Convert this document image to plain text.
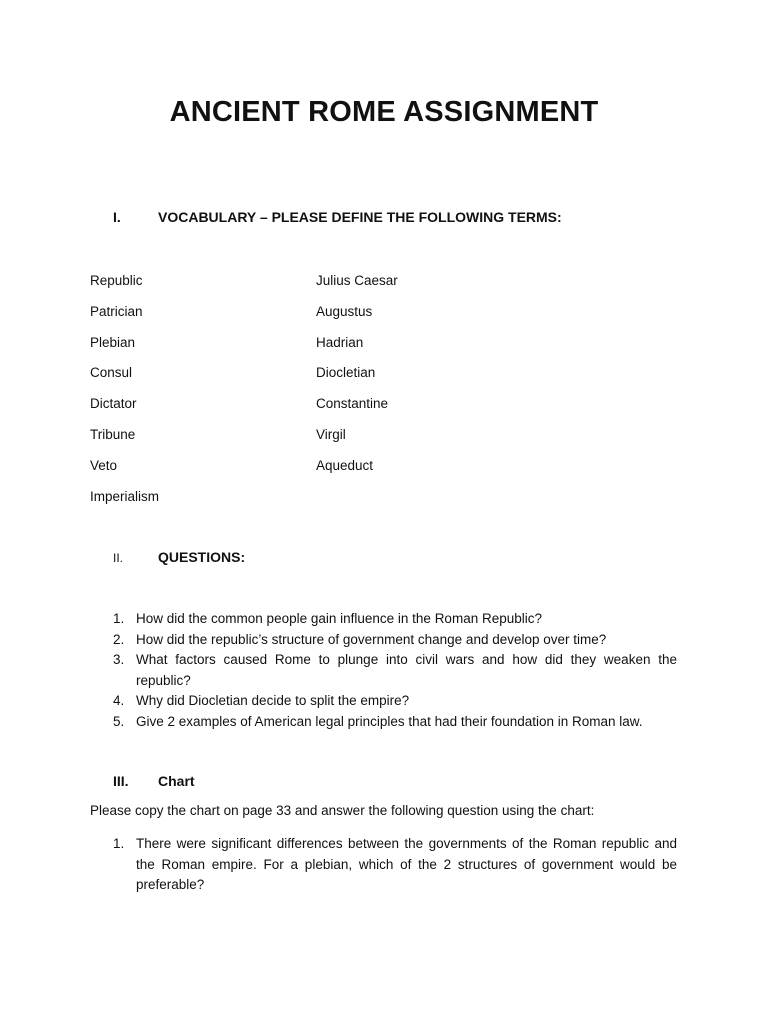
ANCIENT ROME ASSIGNMENT
I.	VOCABULARY – PLEASE DEFINE THE FOLLOWING TERMS:
Republic
Patrician
Plebian
Consul
Dictator
Tribune
Veto
Imperialism
Julius Caesar
Augustus
Hadrian
Diocletian
Constantine
Virgil
Aqueduct
II. QUESTIONS:
1. How did the common people gain influence in the Roman Republic?
2. How did the republic’s structure of government change and develop over time?
3. What factors caused Rome to plunge into civil wars and how did they weaken the republic?
4. Why did Diocletian decide to split the empire?
5. Give 2 examples of American legal principles that had their foundation in Roman law.
III. Chart
Please copy the chart on page 33 and answer the following question using the chart:
1. There were significant differences between the governments of the Roman republic and the Roman empire. For a plebian, which of the 2 structures of government would be preferable?
